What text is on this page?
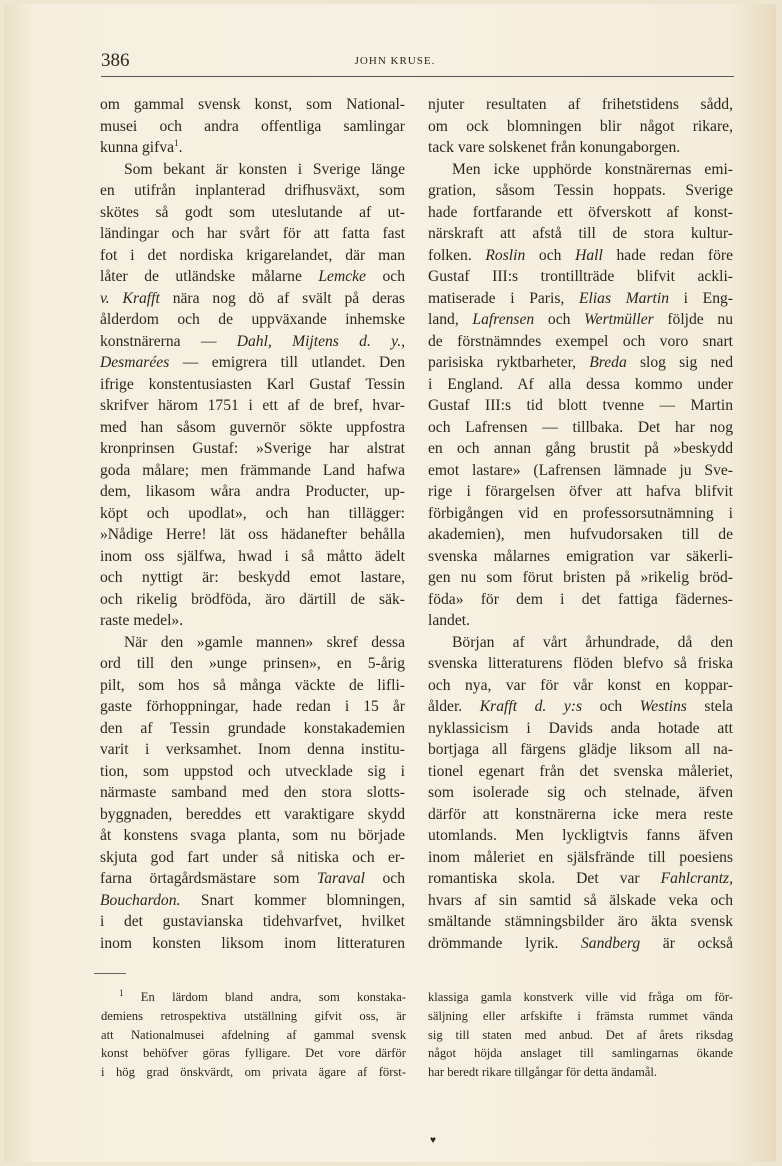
386	JOHN KRUSE.
om gammal svensk konst, som National-
musei och andra offentliga samlingar
kunna gifva$^1$.
Som bekant är konsten i Sverige länge
en utifrån inplanterad drifhusväxt, som
skötes så godt som uteslutande af ut-
ländingar och har svårt för att fatta fast
fot i det nordiska krigarelandet, där man
låter de utländske målarne Lemcke och
v. Krafft nära nog dö af svält på deras
ålderdom och de uppväxande inhemske
konstnärerna — Dahl, Mijtens d. y.,
Desmarées — emigrera till utlandet. Den
ifrige konstentusiasten Karl Gustaf Tessin
skrifver härom 1751 i ett af de bref, hvar-
med han såsom guvernör sökte uppfostra
kronprinsen Gustaf: »Sverige har alstrat
goda målare; men främmande Land hafwa
dem, likasom wåra andra Producter, up-
köpt och upodlat», och han tillägger:
»Nådige Herre! lät oss hädanefter behålla
inom oss själfwa, hwad i så måtto ädelt
och nyttigt är: beskydd emot lastare,
och rikelig brödföda, äro därtill de säk-
raste medel».
När den »gamle mannen» skref dessa
ord till den »unge prinsen», en 5-årig
pilt, som hos så många väckte de lifli-
gaste förhoppningar, hade redan i 15 år
den af Tessin grundade konstakademien
varit i verksamhet. Inom denna institu-
tion, som uppstod och utvecklade sig i
närmaste samband med den stora slotts-
byggnaden, bereddes ett varaktigare skydd
åt konstens svaga planta, som nu började
skjuta god fart under så nitiska och er-
farna örtagårdsmästare som Taraval och
Bouchardon. Snart kommer blomningen,
i det gustavianska tidehvarfvet, hvilket
inom konsten liksom inom litteraturen
njuter resultaten af frihetstidens sådd,
om ock blomningen blir något rikare,
tack vare solskenet från konungaborgen.
Men icke upphörde konstnärernas emi-
gration, såsom Tessin hoppats. Sverige
hade fortfarande ett öfverskott af konst-
närskraft att afstå till de stora kultur-
folken. Roslin och Hall hade redan före
Gustaf III:s trontillträde blifvit ackli-
matiserade i Paris, Elias Martin i Eng-
land, Lafrensen och Wertmüller följde nu
de förstnämndes exempel och voro snart
parisiska ryktbarheter, Breda slog sig ned
i England. Af alla dessa kommo under
Gustaf III:s tid blott tvenne — Martin
och Lafrensen — tillbaka. Det har nog
en och annan gång brustit på »beskydd
emot lastare» (Lafrensen lämnade ju Sve-
rige i förargelsen öfver att hafva blifvit
förbigången vid en professorsutnämning i
akademien), men hufvudorsaken till de
svenska målarnes emigration var säkerli-
gen nu som förut bristen på »rikelig bröd-
föda» för dem i det fattiga fädernes-
landet.
Början af vårt århundrade, då den
svenska litteraturens flöden blefvo så friska
och nya, var för vår konst en koppar-
ålder. Krafft d. y:s och Westins stela
nyklassicism i Davids anda hotade att
bortjaga all färgens glädje liksom all na-
tionel egenart från det svenska måleriet,
som isolerade sig och stelnade, äfven
därför att konstnärerna icke mera reste
utomlands. Men lyckligtvis fanns äfven
inom måleriet en själsfrände till poesiens
romantiska skola. Det var Fahlcrantz,
hvars af sin samtid så älskade veka och
smältande stämningsbilder äro äkta svensk
drömmande lyrik. Sandberg är också
$^1$ En lärdom bland andra, som konstaka-
demiens retrospektiva utställning gifvit oss, är
att Nationalmusei afdelning af gammal svensk
konst behöfver göras fylligare. Det vore därför
i hög grad önskvärdt, om privata ägare af först-
klassiga gamla konstverk ville vid fråga om för-
säljning eller arfskifte i främsta rummet vända
sig till staten med anbud. Det af årets riksdag
något höjda anslaget till samlingarnas ökande
har beredt rikare tillgångar för detta ändamål.
♥
